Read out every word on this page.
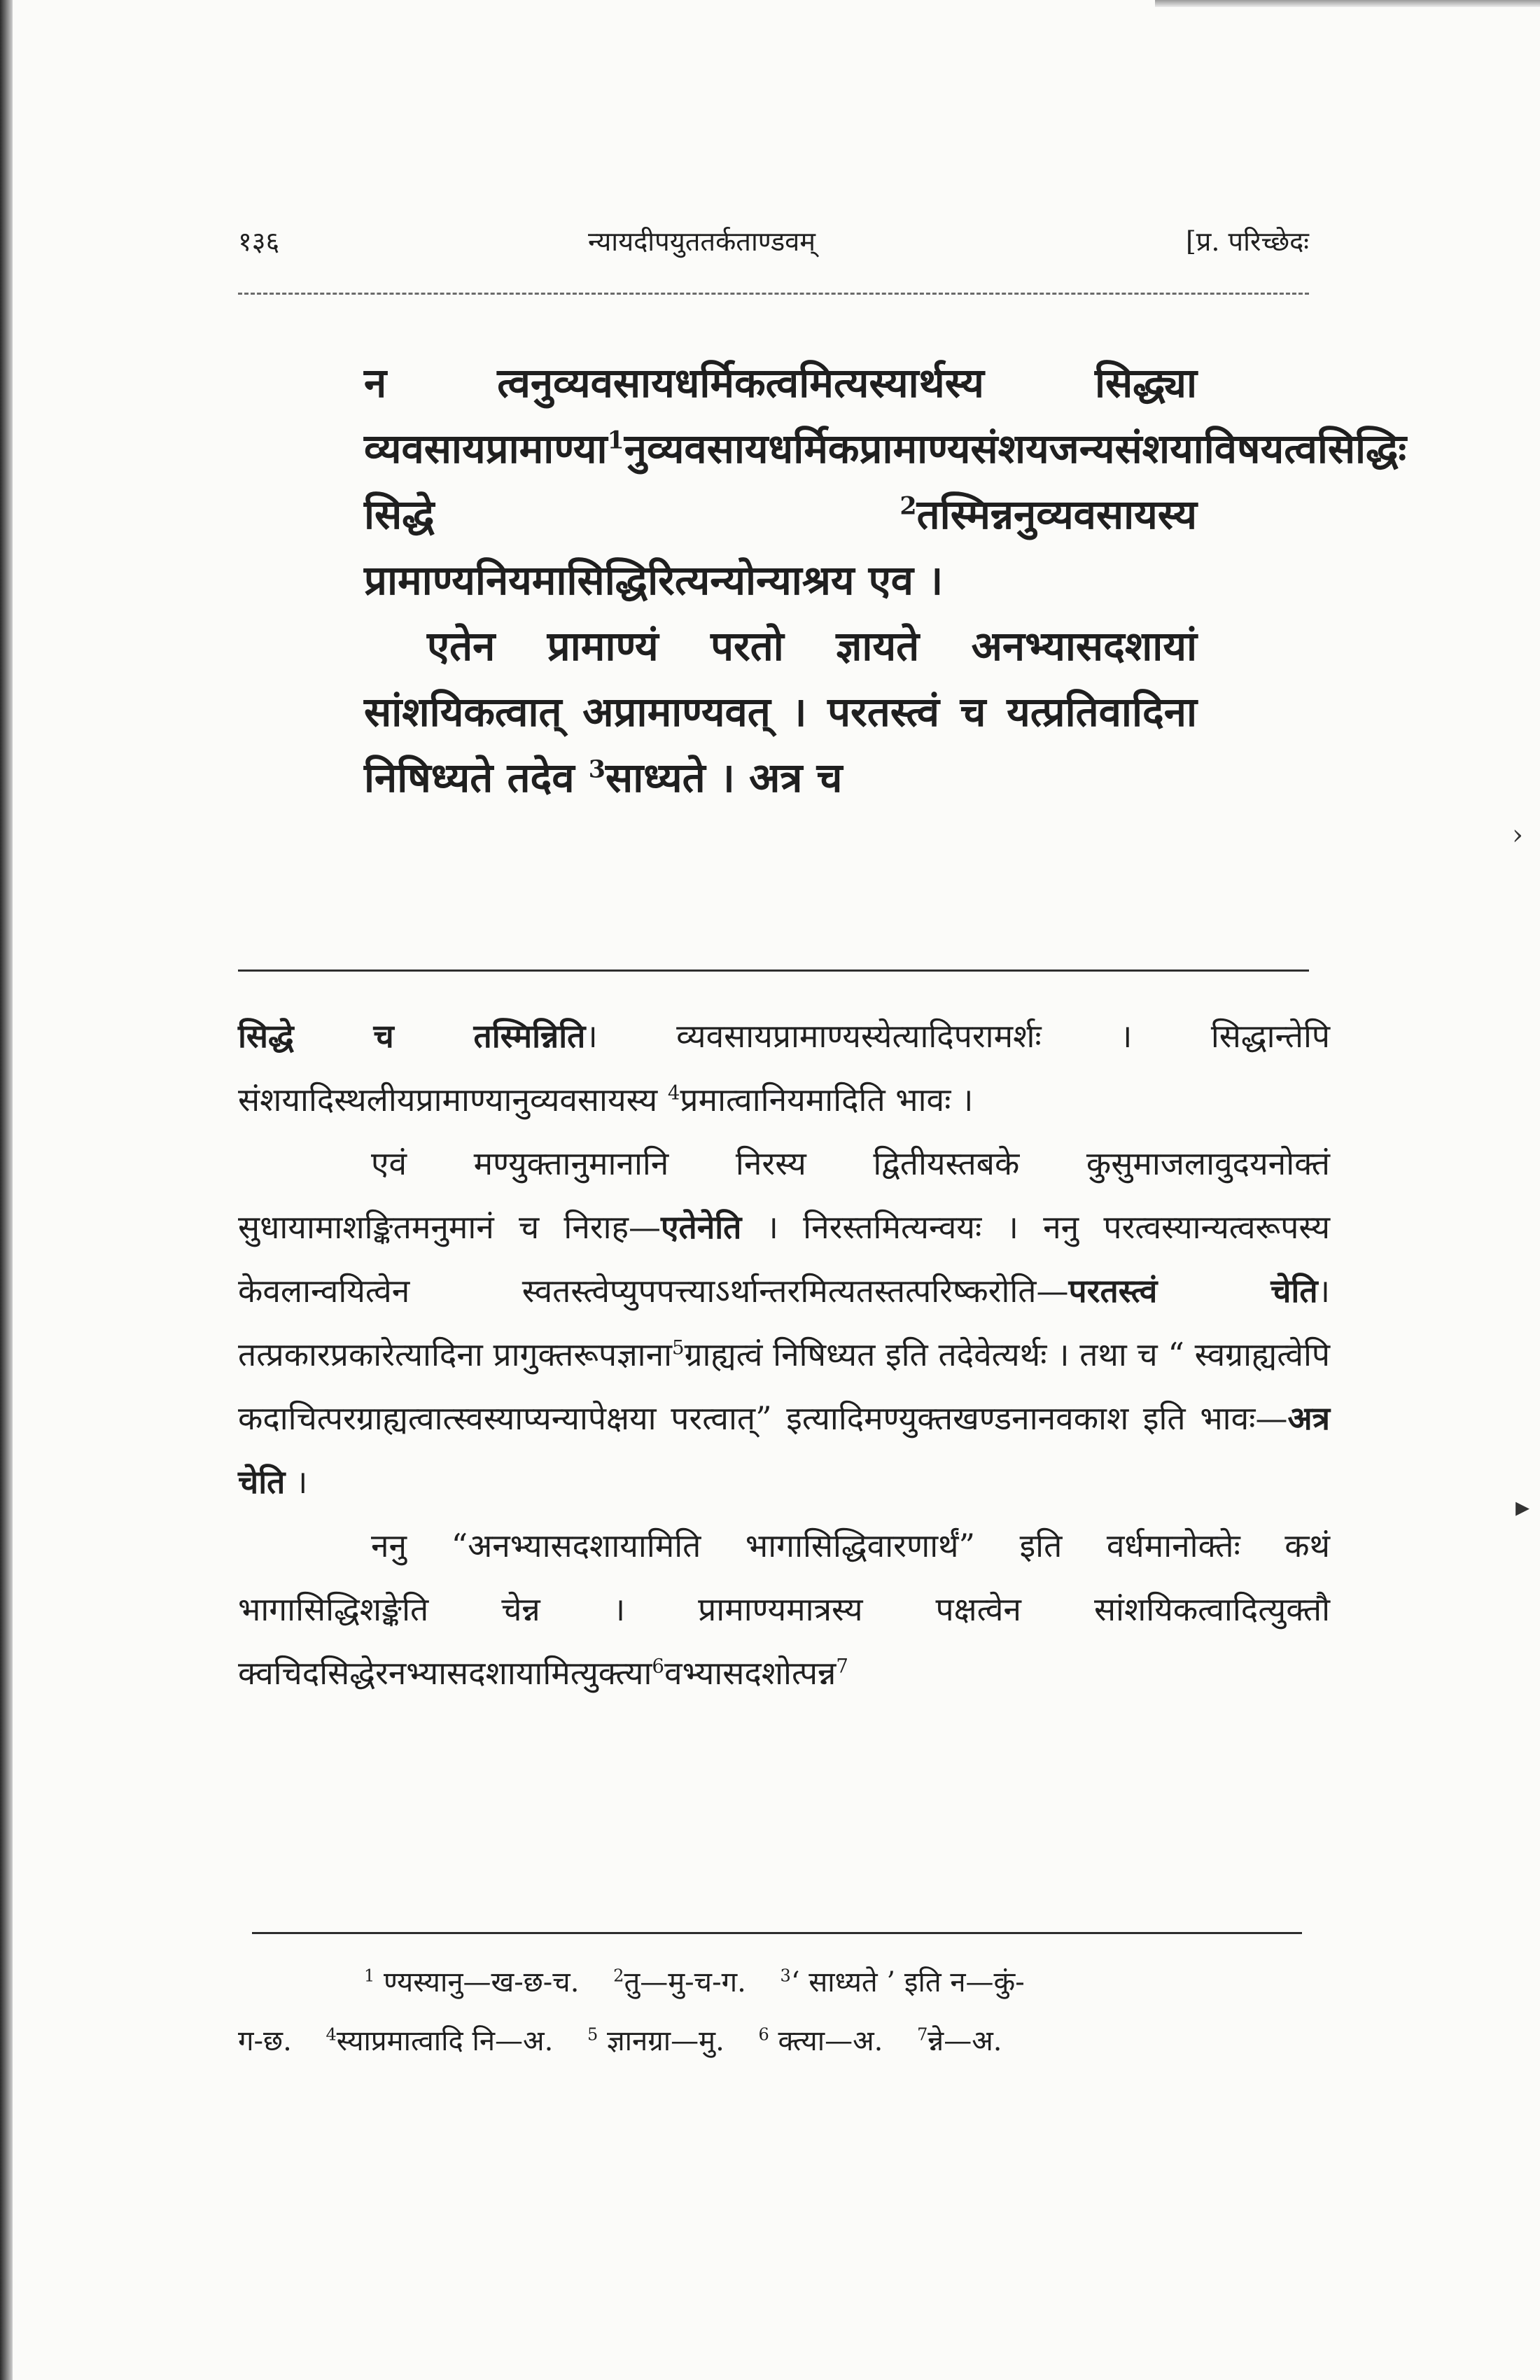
१३६	न्यायदीपयुततर्कताण्डवम्	[प्र. परिच्छेदः

न त्वनुव्यवसायधर्मिकत्वमित्यस्यार्थस्य सिद्ध्या व्यवसायप्रामाण्या$^1$नुव्यवसायधर्मिकप्रामाण्यसंशयजन्यसंशयाविषयत्वसिद्धिः सिद्धे	$^2$तस्मिन्ननुव्यवसायस्य प्रामाण्यनियमासिद्धिरित्यन्योन्याश्रय एव ।

एतेन प्रामाण्यं परतो ज्ञायते अनभ्यासदशायां सांशयिकत्वात् अप्रामाण्यवत् । परतस्त्वं च यत्प्रतिवादिना निषिध्यते तदेव $^3$साध्यते । अत्र च

सिद्धे च तस्मिन्निति। व्यवसायप्रामाण्यस्येत्यादिपरामर्शः । सिद्धान्तेपि संशयादिस्थलीयप्रामाण्यानुव्यवसायस्य $^4$प्रमात्वानियमादिति भावः ।

एवं मण्युक्तानुमानानि निरस्य द्वितीयस्तबके कुसुमाजलावुदयनोक्तं सुधायामाशङ्कितमनुमानं च निराह—एतेनेति । निरस्तमित्यन्वयः । ननु परत्वस्यान्यत्वरूपस्य केवलान्वयित्वेन स्वतस्त्वेप्युपपत्त्याऽर्थान्तरमित्यतस्तत्परिष्करोति—परतस्त्वं चेति। तत्प्रकारप्रकारेत्यादिना प्रागुक्तरूपज्ञाना$^5$ग्राह्यत्वं निषिध्यत इति तदेवेत्यर्थः । तथा च “ स्वग्राह्यत्वेपि कदाचित्परग्राह्यत्वात्स्वस्याप्यन्यापेक्षया परत्वात्” इत्यादिमण्युक्तखण्डनानवकाश इति भावः—अत्र चेति ।

ननु “अनभ्यासदशायामिति भागासिद्धिवारणार्थं” इति वर्धमानोक्तेः कथं भागासिद्धिशङ्केति चेन्न । प्रामाण्यमात्रस्य पक्षत्वेन सांशयिकत्वादित्युक्तौ क्वचिदसिद्धेरनभ्यासदशायामित्युक्त्या$^6$वभ्यासदशोत्पन्न$^7$

$^1$ ण्यस्यानु—ख-छ-च. $^2$तु—मु-च-ग. $^3$‘ साध्यते ’ इति न—कुं-
ग-छ. $^4$स्याप्रमात्वादि नि—अ. $^5$ ज्ञानग्रा—मु. $^6$ क्त्या—अ. $^7$न्ने—अ.
›
▸
